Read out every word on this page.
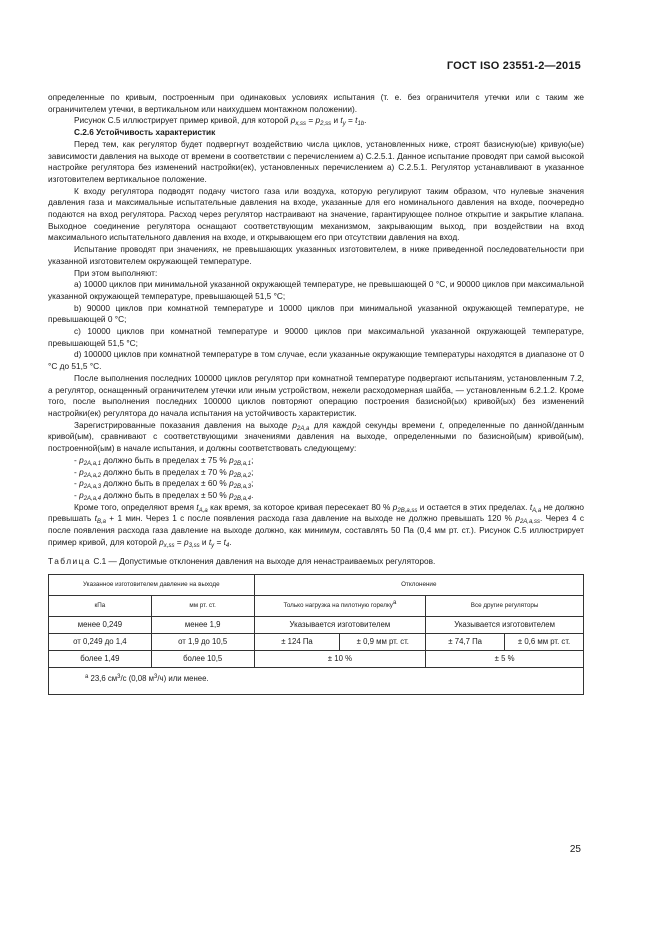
ГОСТ ISO 23551-2—2015

определенные по кривым, построенным при одинаковых условиях испытания (т. е. без ограничителя утечки или с таким же ограничителем утечки, в вертикальном или наихудшем монтажном положении).

Рисунок С.5 иллюстрирует пример кривой, для которой $p_{x,ss} = p_{2,ss}$ и $t_y = t_{1b}$.

С.2.6 Устойчивость характеристик

Перед тем, как регулятор будет подвергнут воздействию числа циклов, установленных ниже, строят базисную(ые) кривую(ые) зависимости давления на выходе от времени в соответствии с перечислением а) С.2.5.1. Данное испытание проводят при самой высокой настройке регулятора без изменений настройки(ек), установленных перечислением а) С.2.5.1. Регулятор устанавливают в указанное изготовителем вертикальное положение.

К входу регулятора подводят подачу чистого газа или воздуха, которую регулируют таким образом, что нулевые значения давления газа и максимальные испытательные давления на входе, указанные для его номинального давления на входе, поочередно подаются на вход регулятора. Расход через регулятор настраивают на значение, гарантирующее полное открытие и закрытие клапана. Выходное соединение регулятора оснащают соответствующим механизмом, закрывающим выход, при воздействии на вход максимального испытательного давления на входе, и открывающем его при отсутствии давления на вход.

Испытание проводят при значениях, не превышающих указанных изготовителем, в ниже приведенной последовательности при указанной изготовителем окружающей температуре.

При этом выполняют:

a) 10000 циклов при минимальной указанной окружающей температуре, не превышающей 0 °С, и 90000 циклов при максимальной указанной окружающей температуре, превышающей 51,5 °С;

b) 90000 циклов при комнатной температуре и 10000 циклов при минимальной указанной окружающей температуре, не превышающей 0 °С;

c) 10000 циклов при комнатной температуре и 90000 циклов при максимальной указанной окружающей температуре, превышающей 51,5 °С;

d) 100000 циклов при комнатной температуре в том случае, если указанные окружающие температуры находятся в диапазоне от 0 °С до 51,5 °С.

После выполнения последних 100000 циклов регулятор при комнатной температуре подвергают испытаниям, установленным 7.2, а регулятор, оснащенный ограничителем утечки или иным устройством, нежели расходомерная шайба, — установленным 6.2.1.2. Кроме того, после выполнения последних 100000 циклов повторяют операцию построения базисной(ых) кривой(ых) без изменений настройки(ек) регулятора до начала испытания на устойчивость характеристик.

Зарегистрированные показания давления на выходе $p_{2A,a}$ для каждой секунды времени t, определенные по данной/данным кривой(ым), сравнивают с соответствующими значениями давления на выходе, определенными по базисной(ым) кривой(ым), построенной(ым) в начале испытания, и должны соответствовать следующему:

- $p_{2A,a,1}$ должно быть в пределах ± 75 % $p_{2B,a,1}$;

- $p_{2A,a,2}$ должно быть в пределах ± 70 % $p_{2B,a,2}$;

- $p_{2A,a,3}$ должно быть в пределах ± 60 % $p_{2B,a,3}$;

- $p_{2A,a,4}$ должно быть в пределах ± 50 % $p_{2B,a,4}$.

Кроме того, определяют время $t_{A,a}$ как время, за которое кривая пересекает 80 % $p_{2B,a,ss}$ и остается в этих пределах. $t_{A,a}$ не должно превышать $t_{B,a} + 1$ мин. Через 1 с после появления расхода газа давление на выходе не должно превышать 120 % $p_{2A,a,ss}$. Через 4 с после появления расхода газа давление на выходе должно, как минимум, составлять 50 Па (0,4 мм рт. ст.). Рисунок С.5 иллюстрирует пример кривой, для которой $p_{x,ss} = p_{3,ss}$ и $t_y = t_4$.

Таблица С.1 — Допустимые отклонения давления на выходе для ненастраиваемых регуляторов.

Указанное изготовителем давление на выходе		Отклонение			
кПа	мм рт. ст.	Только нагрузка на пилотную горелку$^a$		Все другие регуляторы	
менее 0,249	менее 1,9	Указывается изготовителем		Указывается изготовителем	
от 0,249 до 1,4	от 1,9 до 10,5	± 124 Па	± 0,9 мм рт. ст.	± 74,7 Па	± 0,6 мм рт. ст.
более 1,49	более 10,5	± 10 %		± 5 %	
$^a$ 23,6 $см^3/с$ (0,08 $м^3/ч$) или менее.					
25
